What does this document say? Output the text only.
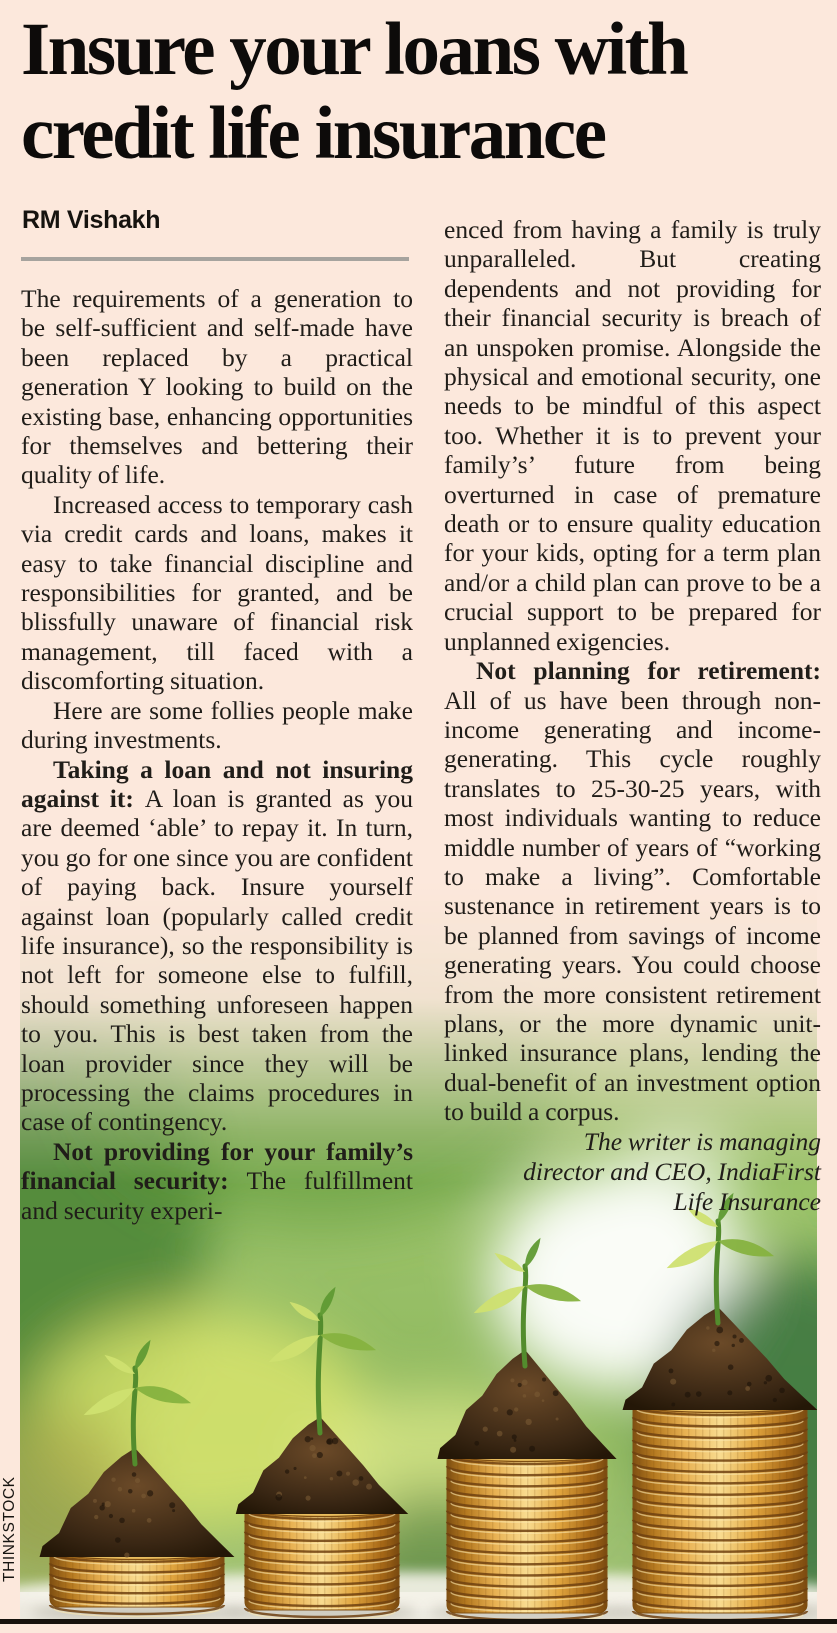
Insure your loans with
credit life insurance
RM Vishakh

The requirements of a generation to be self-sufficient and self-made have been replaced by a practical generation Y looking to build on the existing base, enhancing opportunities for themselves and bettering their quality of life.

Increased access to temporary cash via credit cards and loans, makes it easy to take financial discipline and responsibilities for granted, and be blissfully unaware of financial risk management, till faced with a discomforting situation.

Here are some follies people make during investments.

Taking a loan and not insuring against it: A loan is granted as you are deemed ‘able’ to repay it. In turn, you go for one since you are confident of paying back. Insure yourself against loan (popularly called credit life insurance), so the responsibility is not left for someone else to fulfill, should something unforeseen happen to you. This is best taken from the loan provider since they will be processing the claims procedures in case of contingency.

Not providing for your family’s financial security: The fulfillment and security experi-

enced from having a family is truly unparalleled. But creating dependents and not providing for their financial security is breach of an unspoken promise. Alongside the physical and emotional security, one needs to be mindful of this aspect too. Whether it is to prevent your family’s’ future from being overturned in case of premature death or to ensure quality education for your kids, opting for a term plan and/or a child plan can prove to be a crucial support to be prepared for unplanned exigencies.

Not planning for retirement: All of us have been through non-income generating and income-generating. This cycle roughly translates to 25-30-25 years, with most individuals wanting to reduce middle number of years of “working to make a living”. Comfortable sustenance in retirement years is to be planned from savings of income generating years. You could choose from the more consistent retirement plans, or the more dynamic unit-linked insurance plans, lending the dual-benefit of an investment option to build a corpus.

The writer is managing
director and CEO, IndiaFirst
Life Insurance

THINKSTOCK
